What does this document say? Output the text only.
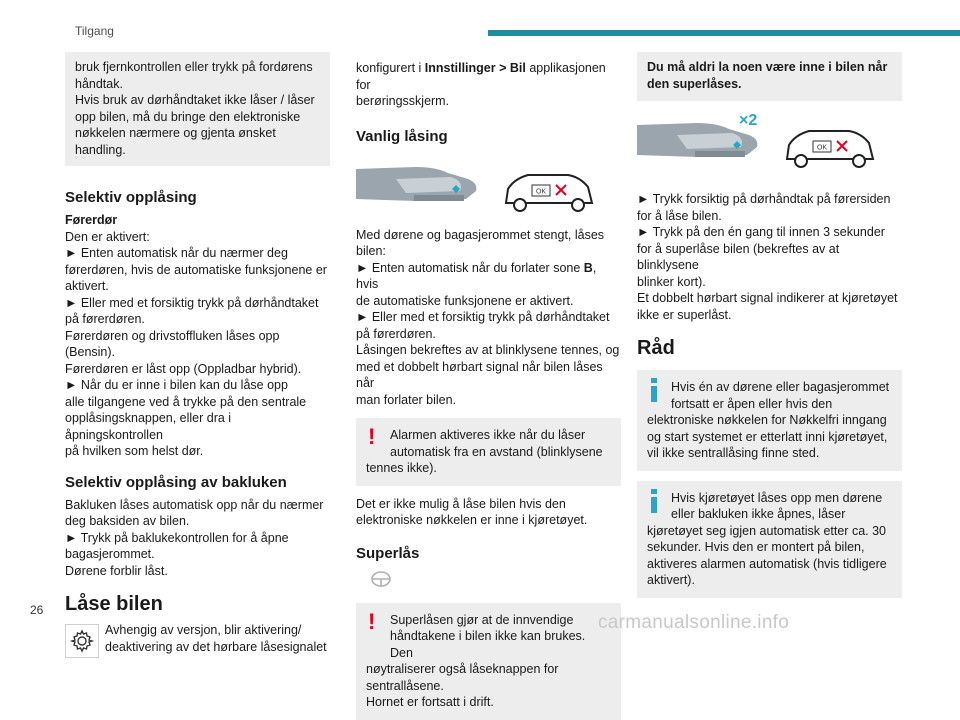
Tilgang

bruk fjernkontrollen eller trykk på fordørens

håndtak.

Hvis bruk av dørhåndtaket ikke låser / låser

opp bilen, må du bringe den elektroniske

nøkkelen nærmere og gjenta ønsket handling.

Selektiv opplåsing

Førerdør

Den er aktivert:

► Enten automatisk når du nærmer deg

førerdøren, hvis de automatiske funksjonene er

aktivert.

► Eller med et forsiktig trykk på dørhåndtaket

på førerdøren.

Førerdøren og drivstoffluken låses opp (Bensin).

Førerdøren er låst opp (Oppladbar hybrid).

► Når du er inne i bilen kan du låse opp

alle tilgangene ved å trykke på den sentrale

opplåsingsknappen, eller dra i åpningskontrollen

på hvilken som helst dør.

Selektiv opplåsing av bakluken

Bakluken låses automatisk opp når du nærmer

deg baksiden av bilen.

► Trykk på baklukekontrollen for å åpne

bagasjerommet.

Dørene forblir låst.

Låse bilen

Avhengig av versjon, blir aktivering/

deaktivering av det hørbare låsesignalet

konfigurert i Innstillinger > Bil applikasjonen for

berøringsskjerm.

Vanlig låsing
OK

Med dørene og bagasjerommet stengt, låses

bilen:

► Enten automatisk når du forlater sone B, hvis

de automatiske funksjonene er aktivert.

► Eller med et forsiktig trykk på dørhåndtaket

på førerdøren.

Låsingen bekreftes av at blinklysene tennes, og

med et dobbelt hørbart signal når bilen låses når

man forlater bilen.

!	Alarmen aktiveres ikke når du låser

automatisk fra en avstand (blinklysene

tennes ikke).

Det er ikke mulig å låse bilen hvis den

elektroniske nøkkelen er inne i kjøretøyet.

Superlås
!	Superlåsen gjør at de innvendige

håndtakene i bilen ikke kan brukes. Den

nøytraliserer også låseknappen for

sentrallåsene.

Hornet er fortsatt i drift.

Du må aldri la noen være inne i bilen når

den superlåses.

×2
OK

► Trykk forsiktig på dørhåndtak på førersiden

for å låse bilen.

► Trykk på den én gang til innen 3 sekunder

for å superlåse bilen (bekreftes av at blinklysene

blinker kort).

Et dobbelt hørbart signal indikerer at kjøretøyet

ikke er superlåst.

Råd

Hvis én av dørene eller bagasjerommet

fortsatt er åpen eller hvis den

elektroniske nøkkelen for Nøkkelfri inngang

og start systemet er etterlatt inni kjøretøyet,

vil ikke sentrallåsing finne sted.

Hvis kjøretøyet låses opp men dørene

eller bakluken ikke åpnes, låser

kjøretøyet seg igjen automatisk etter ca. 30

sekunder. Hvis den er montert på bilen,

aktiveres alarmen automatisk (hvis tidligere

aktivert).

26
carmanualsonline.info
